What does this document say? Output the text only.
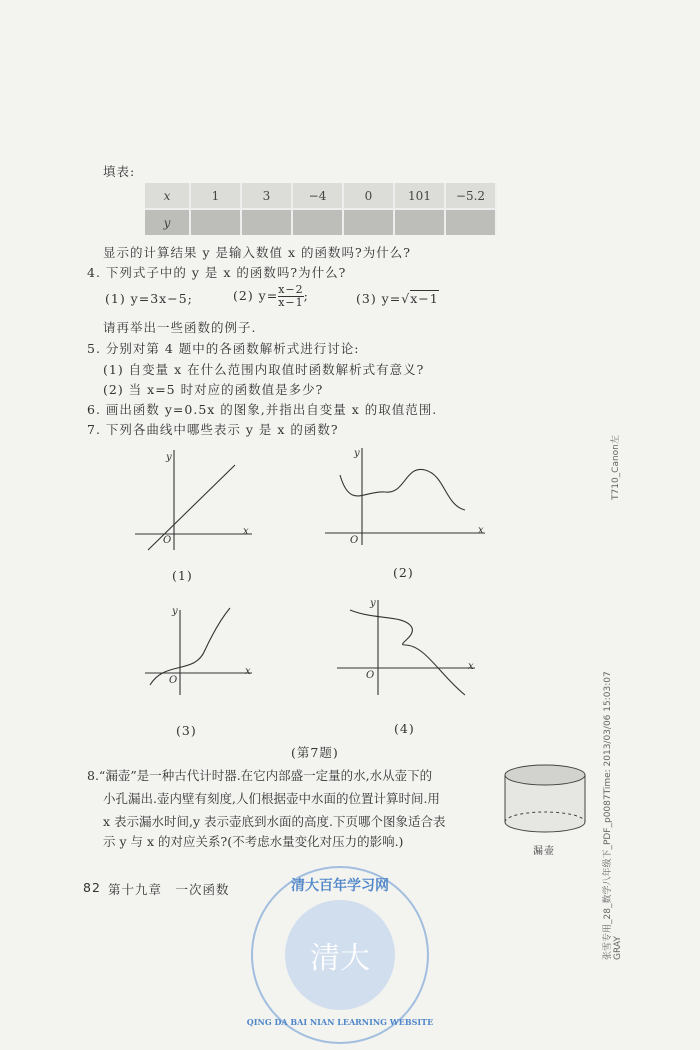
填表:
x	1	3	−4	0	101	−5.2
y						
显示的计算结果 y 是输入数值 x 的函数吗?为什么?
4. 下列式子中的 y 是 x 的函数吗?为什么?
(1) y=3x−5;	(2) $y= \frac{x-2}{x-1}$ ;	(3) y=√x−1
请再举出一些函数的例子.
5. 分别对第 4 题中的各函数解析式进行讨论:
(1) 自变量 x 在什么范围内取值时函数解析式有意义?
(2) 当 x=5 时对应的函数值是多少?
6. 画出函数 y=0.5x 的图象,并指出自变量 x 的取值范围.
7. 下列各曲线中哪些表示 y 是 x 的函数?
y
x
O
(1)
y
x
O
(2)
y
x
O
(3)
y
x
O
(4)
(第7题)
8.“漏壶”是一种古代计时器.在它内部盛一定量的水,水从壶下的
小孔漏出.壶内壁有刻度,人们根据壶中水面的位置计算时间.用
x 表示漏水时间,y 表示壶底到水面的高度.下页哪个图象适合表
示 y 与 x 的对应关系?(不考虑水量变化对压力的影响.)
漏壶
82 第十九章　一次函数	清大百年学习网
清大
QING DA BAI NIAN LEARNING WEBSITE
张雪专用_28_数学八年级下_PDF_p0087Time: 2013/03/06 15:03:07 GRAY
T710_Canon左
